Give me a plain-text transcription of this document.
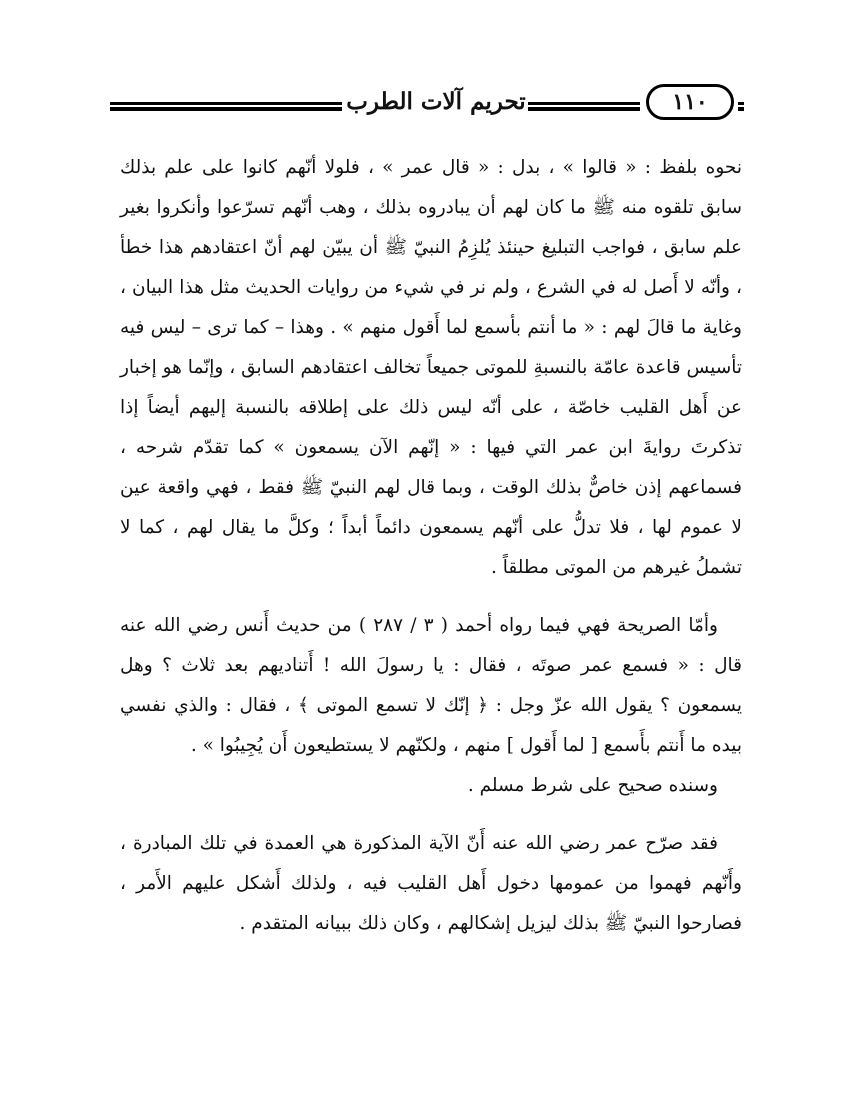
تحريم آلات الطرب	١١٠

نحوه بلفظ : « قالوا » ، بدل : « قال عمر » ، فلولا أنّهم كانوا على علم بذلك سابق تلقوه منه ﷺ ما كان لهم أن يبادروه بذلك ، وهب أنّهم تسرّعوا وأنكروا بغير علم سابق ، فواجب التبليغ حينئذ يُلزِمُ النبيّ ﷺ أن يبيّن لهم أنّ اعتقادهم هذا خطأ ، وأنّه لا أَصل له في الشرع ، ولم نر في شيء من روايات الحديث مثل هذا البيان ، وغاية ما قالَ لهم : « ما أنتم بأسمع لما أَقول منهم » . وهذا – كما ترى – ليس فيه تأسيس قاعدة عامّة بالنسبةِ للموتى جميعاً تخالف اعتقادهم السابق ، وإنّما هو إخبار عن أَهل القليب خاصّة ، على أنّه ليس ذلك على إطلاقه بالنسبة إليهم أيضاً إذا تذكرتَ روايةَ ابن عمر التي فيها : « إنّهم الآن يسمعون » كما تقدّم شرحه ، فسماعهم إذن خاصٌّ بذلك الوقت ، وبما قال لهم النبيّ ﷺ فقط ، فهي واقعة عين لا عموم لها ، فلا تدلُّ على أنّهم يسمعون دائماً أبداً ؛ وكلَّ ما يقال لهم ، كما لا تشملُ غيرهم من الموتى مطلقاً .

وأمّا الصريحة فهي فيما رواه أحمد ( ٣ / ٢٨٧ ) من حديث أَنس رضي الله عنه قال : « فسمع عمر صوتَه ، فقال : يا رسولَ الله ! أَتناديهم بعد ثلاث ؟ وهل يسمعون ؟ يقول الله عزّ وجل : ﴿ إنّك لا تسمع الموتى ﴾ ، فقال : والذي نفسي بيده ما أَنتم بأَسمع [ لما أَقول ] منهم ، ولكنّهم لا يستطيعون أَن يُجِيبُوا » .

وسنده صحيح على شرط مسلم .

فقد صرّح عمر رضي الله عنه أَنّ الآية المذكورة هي العمدة في تلك المبادرة ، وأَنّهم فهموا من عمومها دخول أَهل القليب فيه ، ولذلك أَشكل عليهم الأَمر ، فصارحوا النبيّ ﷺ بذلك ليزيل إشكالهم ، وكان ذلك ببيانه المتقدم .
